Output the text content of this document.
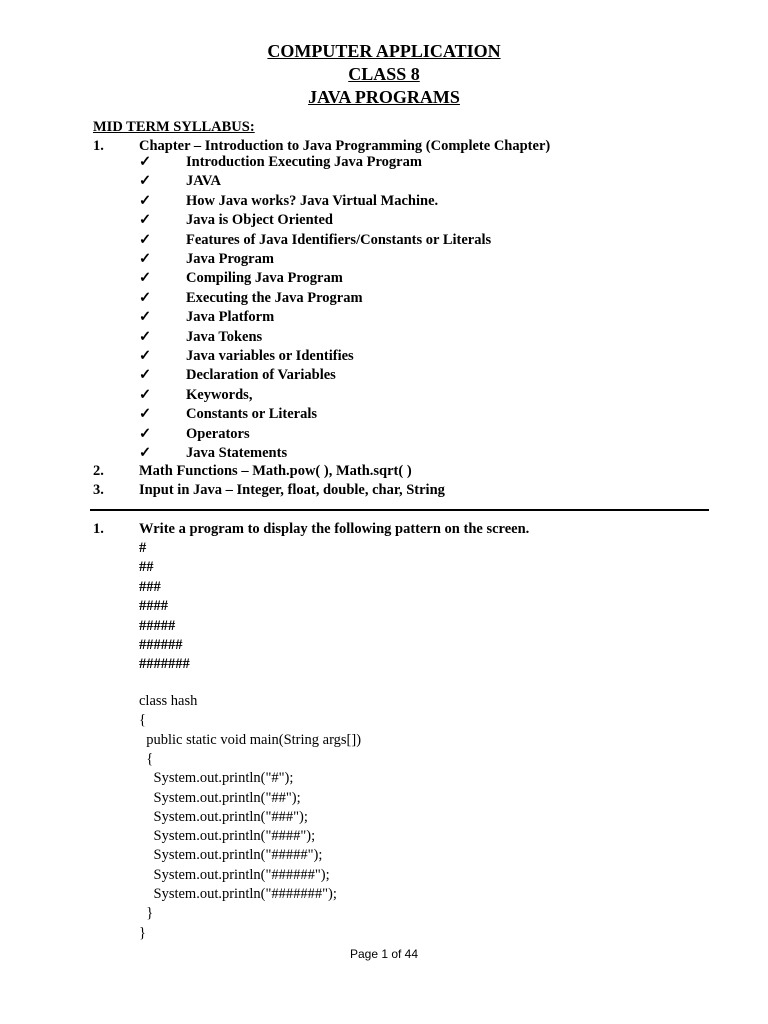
COMPUTER APPLICATION
CLASS 8
JAVA PROGRAMS
MID TERM SYLLABUS:
1. Chapter – Introduction to Java Programming (Complete Chapter)
✓ Introduction Executing Java Program
✓ JAVA
✓ How Java works? Java Virtual Machine.
✓ Java is Object Oriented
✓ Features of Java Identifiers/Constants or Literals
✓ Java Program
✓ Compiling Java Program
✓ Executing the Java Program
✓ Java Platform
✓ Java Tokens
✓ Java variables or Identifies
✓ Declaration of Variables
✓ Keywords,
✓ Constants or Literals
✓ Operators
✓ Java Statements
2. Math Functions – Math.pow( ), Math.sqrt( )
3. Input in Java – Integer, float, double, char, String
1. Write a program to display the following pattern on the screen.
#
##
###
####
#####
######
#######
class hash
{
public static void main(String args[])
{
System.out.println("#");
System.out.println("##");
System.out.println("###");
System.out.println("####");
System.out.println("#####");
System.out.println("######");
System.out.println("#######");
}
}
Page 1 of 44
